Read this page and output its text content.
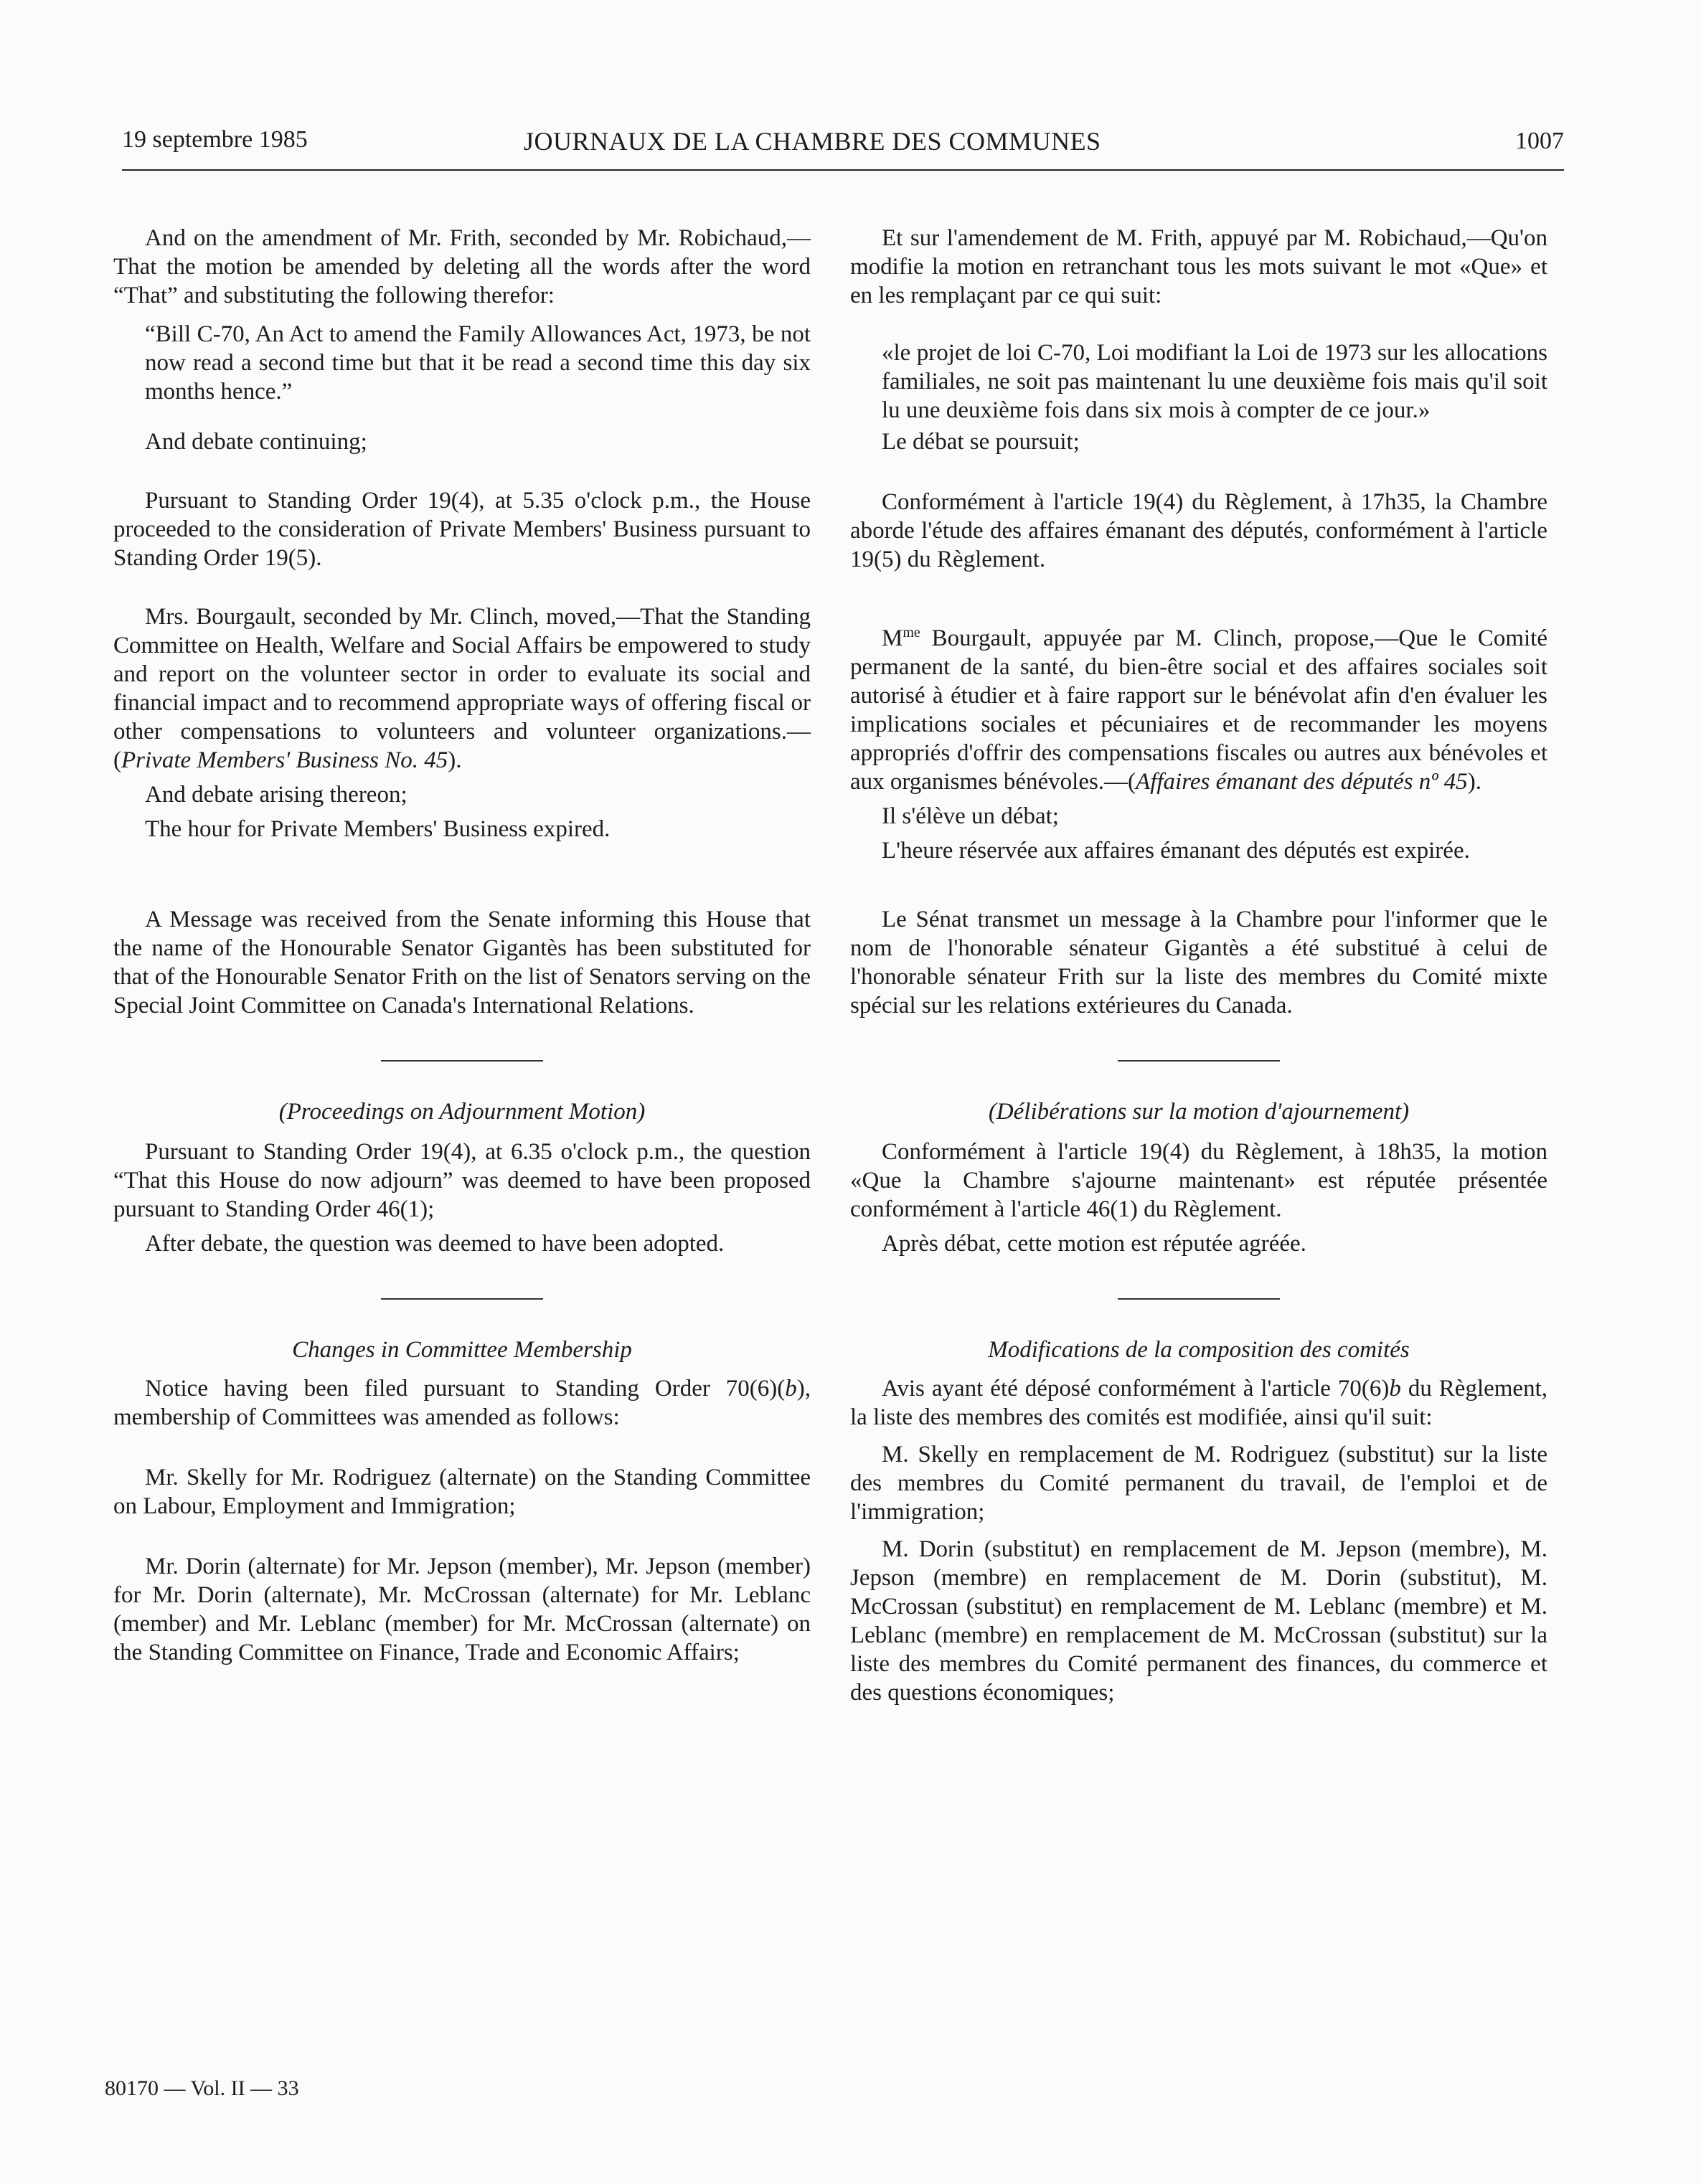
19 septembre 1985	JOURNAUX DE LA CHAMBRE DES COMMUNES	1007

And on the amendment of Mr. Frith, seconded by Mr. Robichaud,—That the motion be amended by deleting all the words after the word “That” and substituting the following therefor:

“Bill C-70, An Act to amend the Family Allowances Act, 1973, be not now read a second time but that it be read a second time this day six months hence.”

And debate continuing;

Pursuant to Standing Order 19(4), at 5.35 o'clock p.m., the House proceeded to the consideration of Private Members' Business pursuant to Standing Order 19(5).

Mrs. Bourgault, seconded by Mr. Clinch, moved,—That the Standing Committee on Health, Welfare and Social Affairs be empowered to study and report on the volunteer sector in order to evaluate its social and financial impact and to recommend appropriate ways of offering fiscal or other compensations to volunteers and volunteer organizations.—(Private Members' Business No. 45).

And debate arising thereon;

The hour for Private Members' Business expired.

A Message was received from the Senate informing this House that the name of the Honourable Senator Gigantès has been substituted for that of the Honourable Senator Frith on the list of Senators serving on the Special Joint Committee on Canada's International Relations.

(Proceedings on Adjournment Motion)

Pursuant to Standing Order 19(4), at 6.35 o'clock p.m., the question “That this House do now adjourn” was deemed to have been proposed pursuant to Standing Order 46(1);

After debate, the question was deemed to have been adopted.

Changes in Committee Membership

Notice having been filed pursuant to Standing Order 70(6)(b), membership of Committees was amended as follows:

Mr. Skelly for Mr. Rodriguez (alternate) on the Standing Committee on Labour, Employment and Immigration;

Mr. Dorin (alternate) for Mr. Jepson (member), Mr. Jepson (member) for Mr. Dorin (alternate), Mr. McCrossan (alternate) for Mr. Leblanc (member) and Mr. Leblanc (member) for Mr. McCrossan (alternate) on the Standing Committee on Finance, Trade and Economic Affairs;

Et sur l'amendement de M. Frith, appuyé par M. Robichaud,—Qu'on modifie la motion en retranchant tous les mots suivant le mot «Que» et en les remplaçant par ce qui suit:

«le projet de loi C-70, Loi modifiant la Loi de 1973 sur les allocations familiales, ne soit pas maintenant lu une deuxième fois mais qu'il soit lu une deuxième fois dans six mois à compter de ce jour.»

Le débat se poursuit;

Conformément à l'article 19(4) du Règlement, à 17h35, la Chambre aborde l'étude des affaires émanant des députés, conformément à l'article 19(5) du Règlement.

$M^{me}$ Bourgault, appuyée par M. Clinch, propose,—Que le Comité permanent de la santé, du bien-être social et des affaires sociales soit autorisé à étudier et à faire rapport sur le bénévolat afin d'en évaluer les implications sociales et pécuniaires et de recommander les moyens appropriés d'offrir des compensations fiscales ou autres aux bénévoles et aux organismes bénévoles.—(Affaires émanant des députés nº 45).

Il s'élève un débat;

L'heure réservée aux affaires émanant des députés est expirée.

Le Sénat transmet un message à la Chambre pour l'informer que le nom de l'honorable sénateur Gigantès a été substitué à celui de l'honorable sénateur Frith sur la liste des membres du Comité mixte spécial sur les relations extérieures du Canada.

(Délibérations sur la motion d'ajournement)

Conformément à l'article 19(4) du Règlement, à 18h35, la motion «Que la Chambre s'ajourne maintenant» est réputée présentée conformément à l'article 46(1) du Règlement.

Après débat, cette motion est réputée agréée.

Modifications de la composition des comités

Avis ayant été déposé conformément à l'article 70(6)b du Règlement, la liste des membres des comités est modifiée, ainsi qu'il suit:

M. Skelly en remplacement de M. Rodriguez (substitut) sur la liste des membres du Comité permanent du travail, de l'emploi et de l'immigration;

M. Dorin (substitut) en remplacement de M. Jepson (membre), M. Jepson (membre) en remplacement de M. Dorin (substitut), M. McCrossan (substitut) en remplacement de M. Leblanc (membre) et M. Leblanc (membre) en remplacement de M. McCrossan (substitut) sur la liste des membres du Comité permanent des finances, du commerce et des questions économiques;

80170 — Vol. II — 33
